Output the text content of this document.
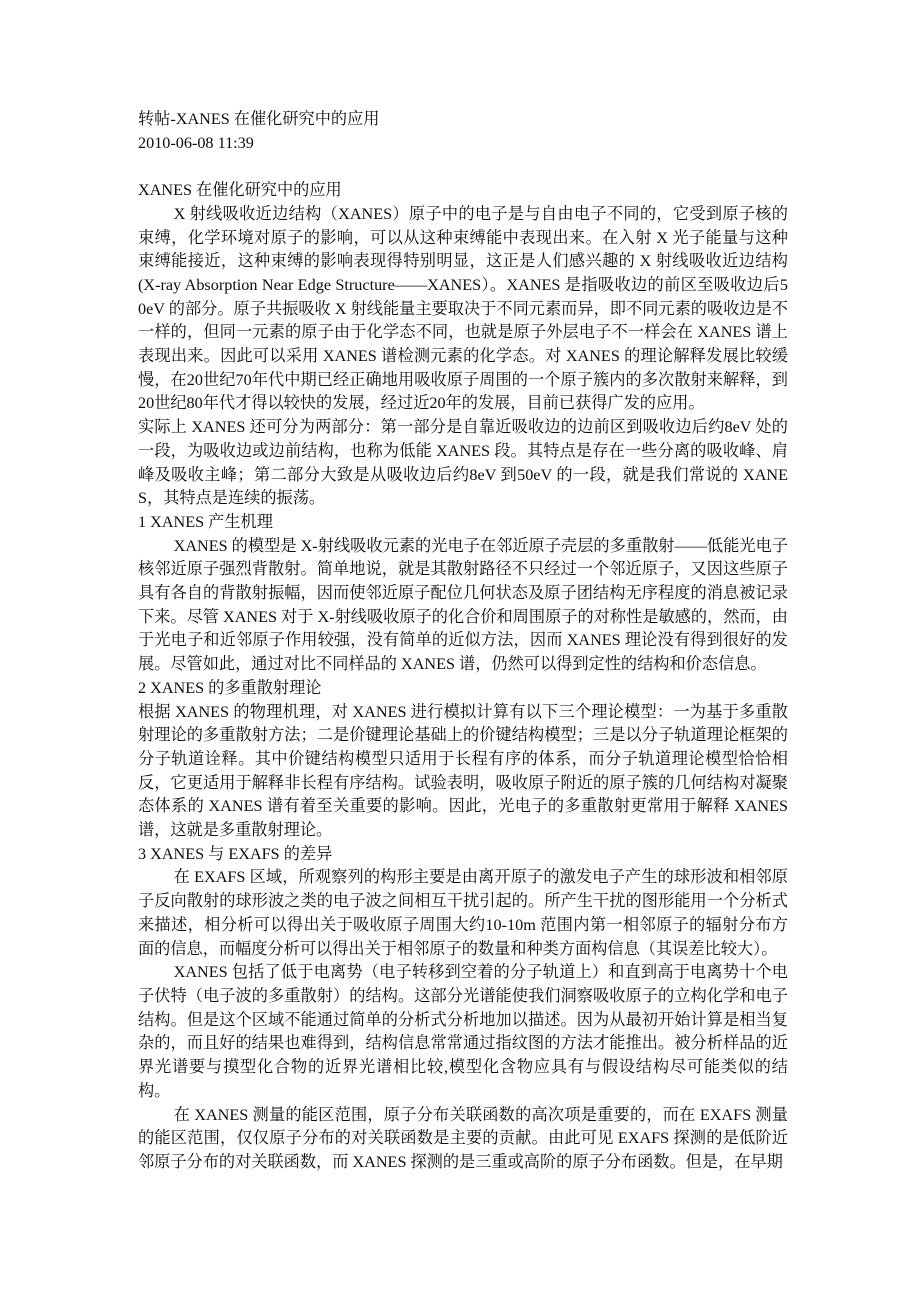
转帖-XANES 在催化研究中的应用
2010-06-08 11:39

XANES 在催化研究中的应用

X 射线吸收近边结构（XANES）原子中的电子是与自由电子不同的，它受到原子核的束缚，化学环境对原子的影响，可以从这种束缚能中表现出来。在入射 X 光子能量与这种束缚能接近，这种束缚的影响表现得特别明显，这正是人们感兴趣的 X 射线吸收近边结构(X-ray Absorption Near Edge Structure——XANES）。XANES 是指吸收边的前区至吸收边后50eV 的部分。原子共振吸收 X 射线能量主要取决于不同元素而异，即不同元素的吸收边是不一样的，但同一元素的原子由于化学态不同，也就是原子外层电子不一样会在 XANES 谱上表现出来。因此可以采用 XANES 谱检测元素的化学态。对 XANES 的理论解释发展比较缓慢，在20世纪70年代中期已经正确地用吸收原子周围的一个原子簇内的多次散射来解释，到20世纪80年代才得以较快的发展，经过近20年的发展，目前已获得广发的应用。

实际上 XANES 还可分为两部分：第一部分是自靠近吸收边的边前区到吸收边后约8eV 处的一段，为吸收边或边前结构，也称为低能 XANES 段。其特点是存在一些分离的吸收峰、肩峰及吸收主峰；第二部分大致是从吸收边后约8eV 到50eV 的一段，就是我们常说的 XANES，其特点是连续的振荡。

1 XANES 产生机理

XANES 的模型是 X-射线吸收元素的光电子在邻近原子壳层的多重散射——低能光电子核邻近原子强烈背散射。简单地说，就是其散射路径不只经过一个邻近原子，又因这些原子具有各自的背散射振幅，因而使邻近原子配位几何状态及原子团结构无序程度的消息被记录下来。尽管 XANES 对于 X-射线吸收原子的化合价和周围原子的对称性是敏感的，然而，由于光电子和近邻原子作用较强，没有简单的近似方法，因而 XANES 理论没有得到很好的发展。尽管如此，通过对比不同样品的 XANES 谱，仍然可以得到定性的结构和价态信息。

2 XANES 的多重散射理论

根据 XANES 的物理机理，对 XANES 进行模拟计算有以下三个理论模型：一为基于多重散射理论的多重散射方法；二是价键理论基础上的价键结构模型；三是以分子轨道理论框架的分子轨道诠释。其中价键结构模型只适用于长程有序的体系，而分子轨道理论模型恰恰相反，它更适用于解释非长程有序结构。试验表明，吸收原子附近的原子簇的几何结构对凝聚态体系的 XANES 谱有着至关重要的影响。因此，光电子的多重散射更常用于解释 XANES 谱，这就是多重散射理论。

3 XANES 与 EXAFS 的差异

在 EXAFS 区域，所观察列的构形主要是由离开原子的激发电子产生的球形波和相邻原子反向散射的球形波之类的电子波之间相互干扰引起的。所产生干扰的图形能用一个分析式来描述，相分析可以得出关于吸收原子周围大约10-10m 范围内第一相邻原子的辐射分布方面的信息，而幅度分析可以得出关于相邻原子的数量和种类方面构信息（其误差比较大）。

XANES 包括了低于电离势（电子转移到空着的分子轨道上）和直到高于电离势十个电子伏特（电子波的多重散射）的结构。这部分光谱能使我们洞察吸收原子的立构化学和电子结构。但是这个区域不能通过简单的分析式分析地加以描述。因为从最初开始计算是相当复杂的，而且好的结果也难得到，结构信息常常通过指纹图的方法才能推出。被分析样品的近界光谱要与摸型化合物的近界光谱相比较,模型化含物应具有与假设结构尽可能类似的结构。

在 XANES 测量的能区范围，原子分布关联函数的高次项是重要的，而在 EXAFS 测量的能区范围，仅仅原子分布的对关联函数是主要的贡献。由此可见 EXAFS 探测的是低阶近邻原子分布的对关联函数，而 XANES 探测的是三重或高阶的原子分布函数。但是，在早期
